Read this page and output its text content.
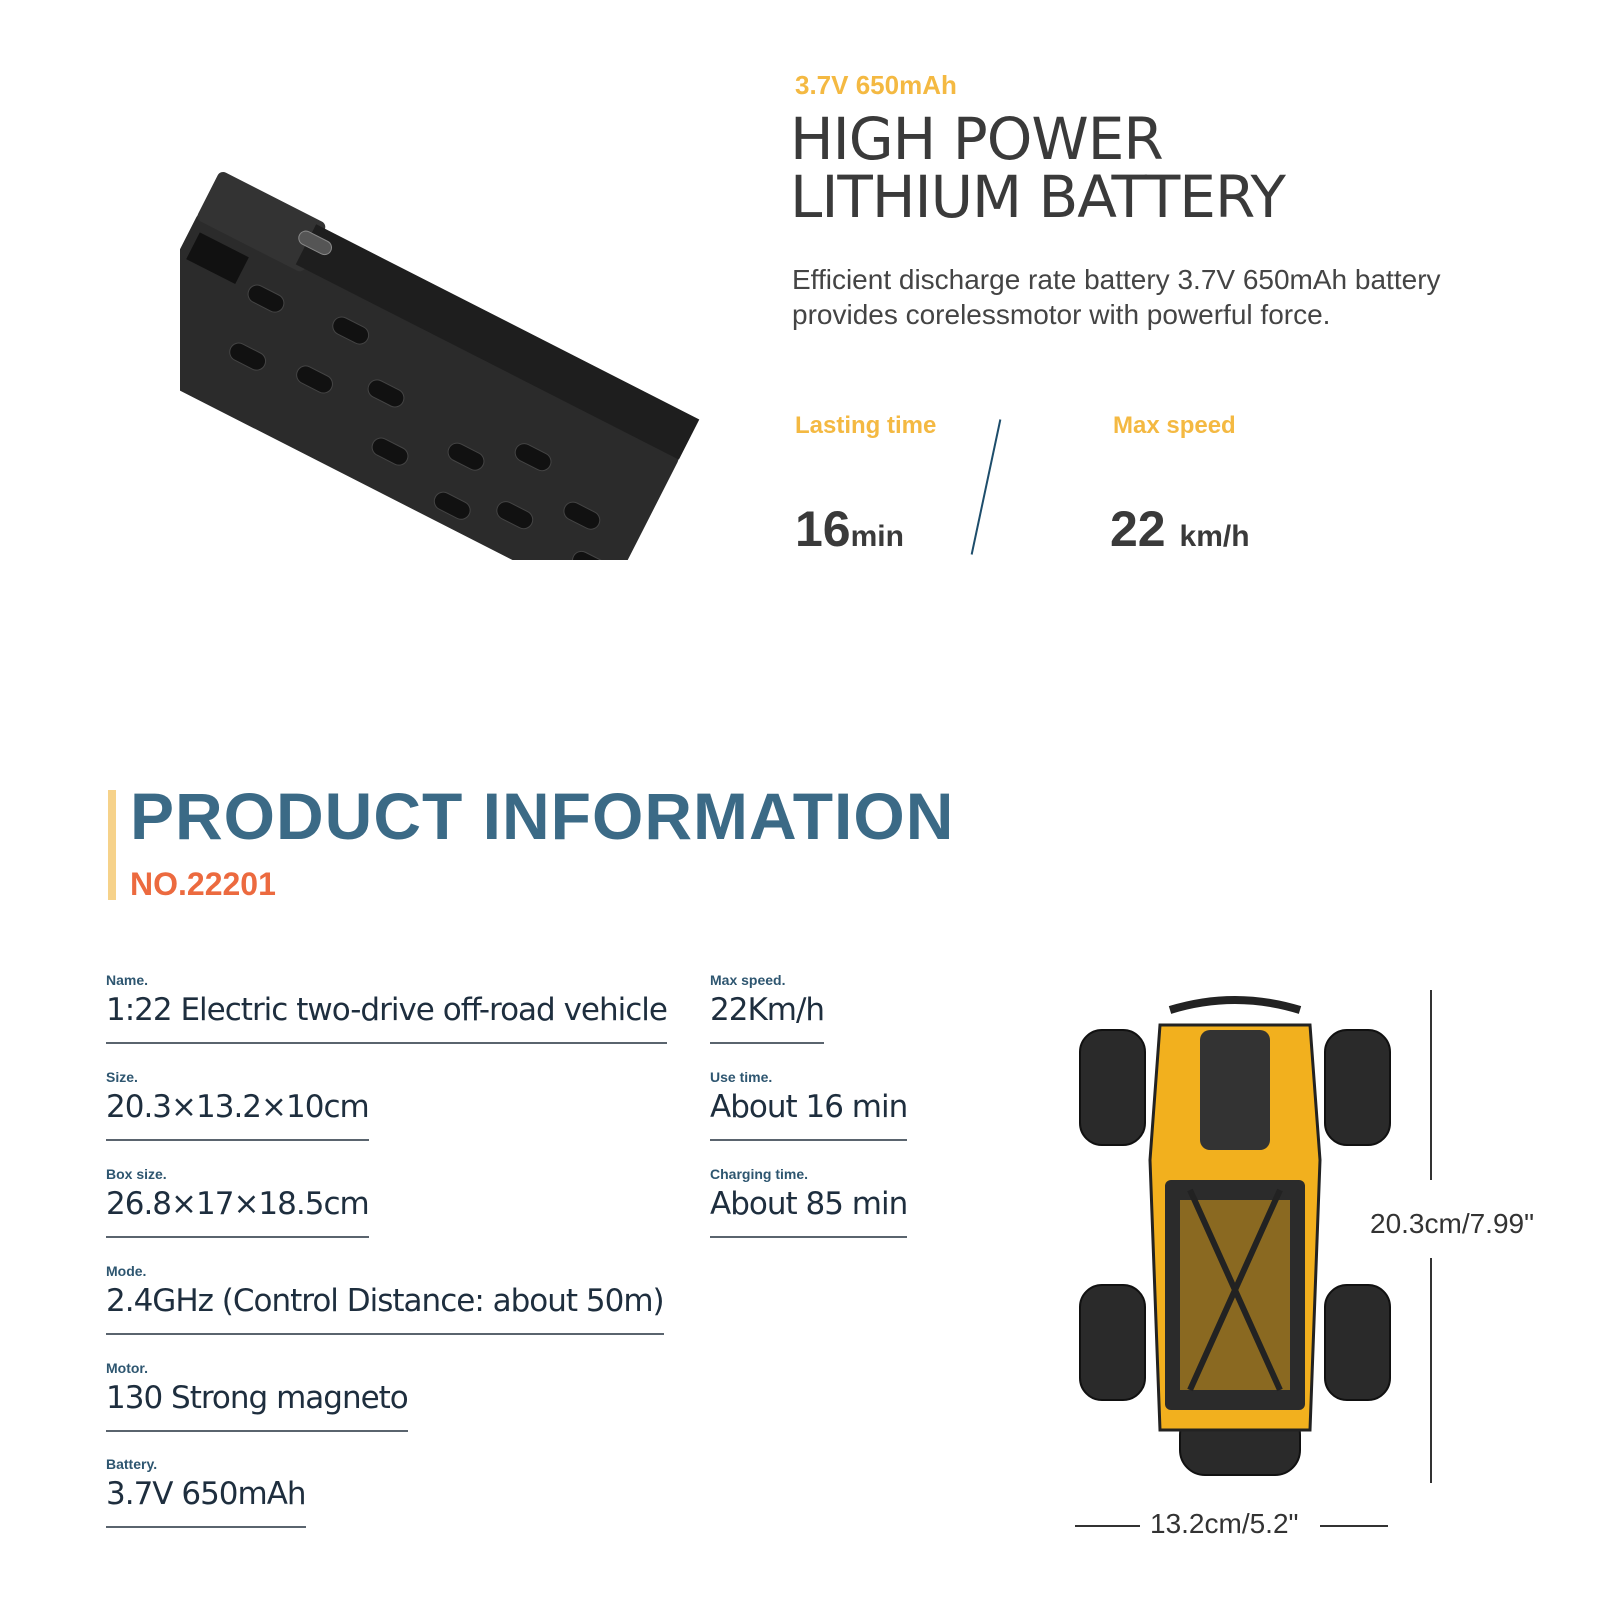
3.7V 650mAh
HIGH POWER
LITHIUM BATTERY
Efficient discharge rate battery 3.7V 650mAh battery provides corelessmotor with powerful force.
Lasting time
16min
Max speed
22 km/h
PRODUCT INFORMATION
NO.22201
Name.
1:22 Electric two-drive off-road vehicle
Size.
20.3×13.2×10cm
Box size.
26.8×17×18.5cm
Mode.
2.4GHz (Control Distance: about 50m)
Motor.
130 Strong magneto
Battery.
3.7V 650mAh
Max speed.
22Km/h
Use time.
About 16 min
Charging time.
About 85 min
20.3cm/7.99"
13.2cm/5.2"
